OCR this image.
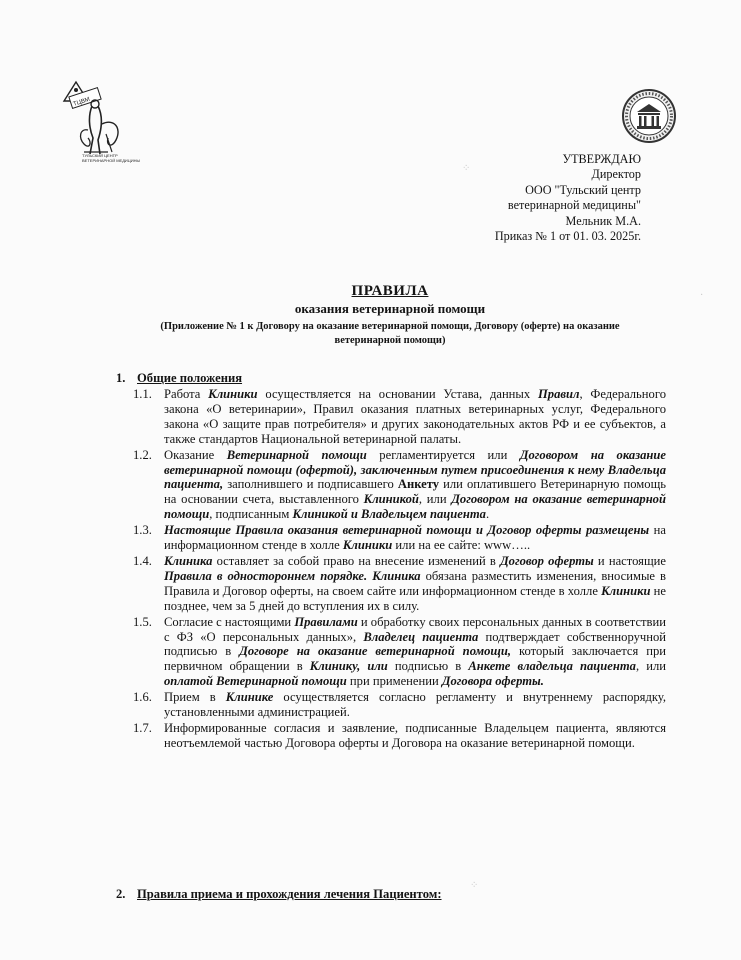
⁘
⁘
·
ТЦВМ
ТУЛЬСКИЙ ЦЕНТР ВЕТЕРИНАРНОЙ МЕДИЦИНЫ	УТВЕРЖДАЮ
Директор
ООО "Тульский центр
ветеринарной медицины"
Мельник М.А.
Приказ № 1 от 01. 03. 2025г.
ПРАВИЛА
оказания ветеринарной помощи
(Приложение № 1 к Договору на оказание ветеринарной помощи, Договору (оферте) на оказание ветеринарной помощи)
1. Общие положения
1.1. Работа Клиники осуществляется на основании Устава, данных Правил, Федерального закона «О ветеринарии», Правил оказания платных ветеринарных услуг, Федерального закона «О защите прав потребителя» и других законодательных актов РФ и ее субъектов, а также стандартов Национальной ветеринарной палаты.
1.2. Оказание Ветеринарной помощи регламентируется или Договором на оказание ветеринарной помощи (офертой), заключенным путем присоединения к нему Владельца пациента, заполнившего и подписавшего Анкету или оплатившего Ветеринарную помощь на основании счета, выставленного Клиникой, или Договором на оказание ветеринарной помощи, подписанным Клиникой и Владельцем пациента.
1.3. Настоящие Правила оказания ветеринарной помощи и Договор оферты размещены на информационном стенде в холле Клиники или на ее сайте: www…..
1.4. Клиника оставляет за собой право на внесение изменений в Договор оферты и настоящие Правила в одностороннем порядке. Клиника обязана разместить изменения, вносимые в Правила и Договор оферты, на своем сайте или информационном стенде в холле Клиники не позднее, чем за 5 дней до вступления их в силу.
1.5. Согласие с настоящими Правилами и обработку своих персональных данных в соответствии с ФЗ «О персональных данных», Владелец пациента подтверждает собственноручной подписью в Договоре на оказание ветеринарной помощи, который заключается при первичном обращении в Клинику, или подписью в Анкете владельца пациента, или оплатой Ветеринарной помощи при применении Договора оферты.
1.6. Прием в Клинике осуществляется согласно регламенту и внутреннему распорядку, установленными администрацией.
1.7. Информированные согласия и заявление, подписанные Владельцем пациента, являются неотъемлемой частью Договора оферты и Договора на оказание ветеринарной помощи.
2. Правила приема и прохождения лечения Пациентом:
